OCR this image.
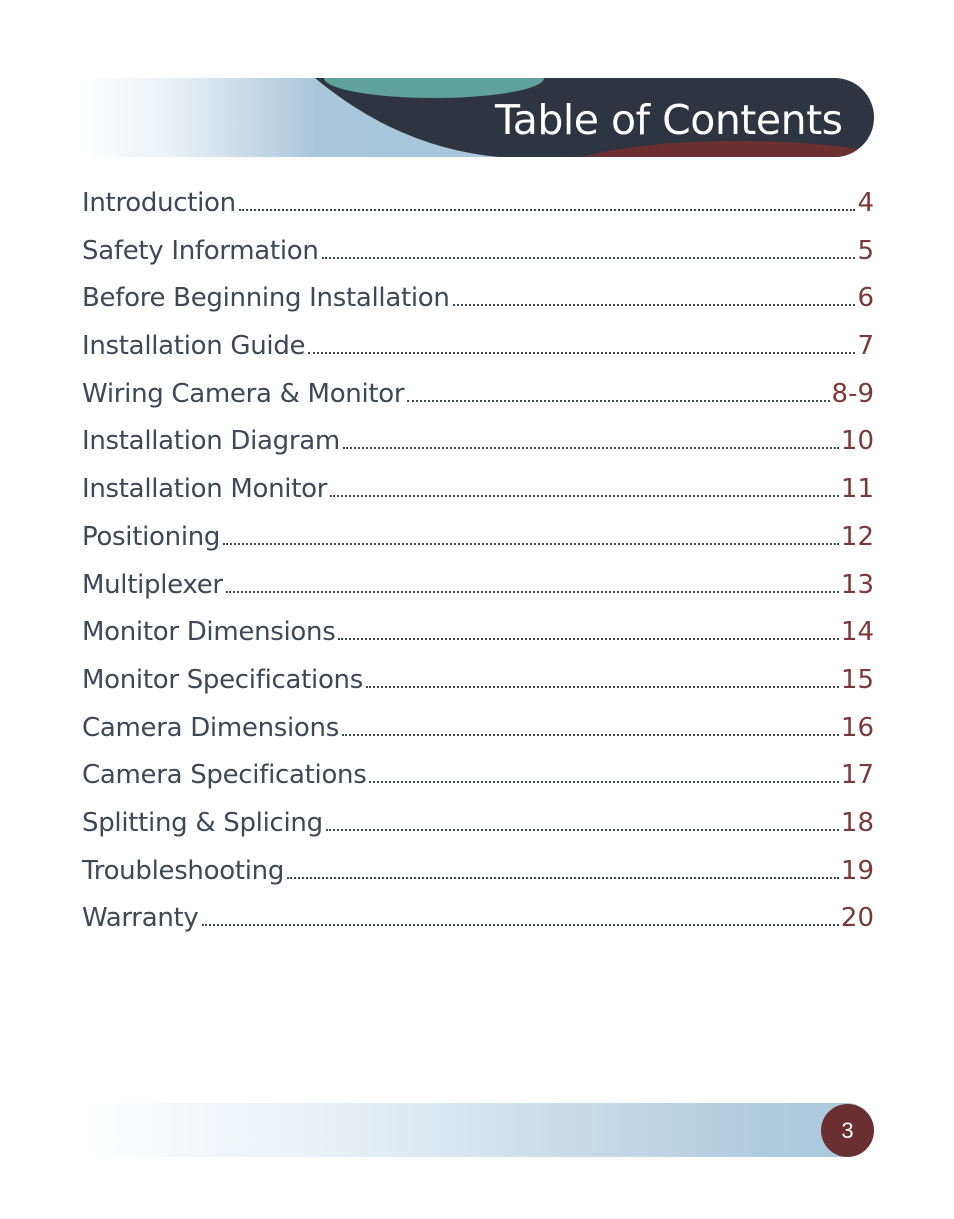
Table of Contents
Introduction	4
Safety Information	5
Before Beginning Installation	6
Installation Guide	7
Wiring Camera & Monitor	8-9
Installation Diagram	10
Installation Monitor	11
Positioning	12
Multiplexer	13
Monitor Dimensions	14
Monitor Specifications	15
Camera Dimensions	16
Camera Specifications	17
Splitting & Splicing	18
Troubleshooting	19
Warranty	20
3
